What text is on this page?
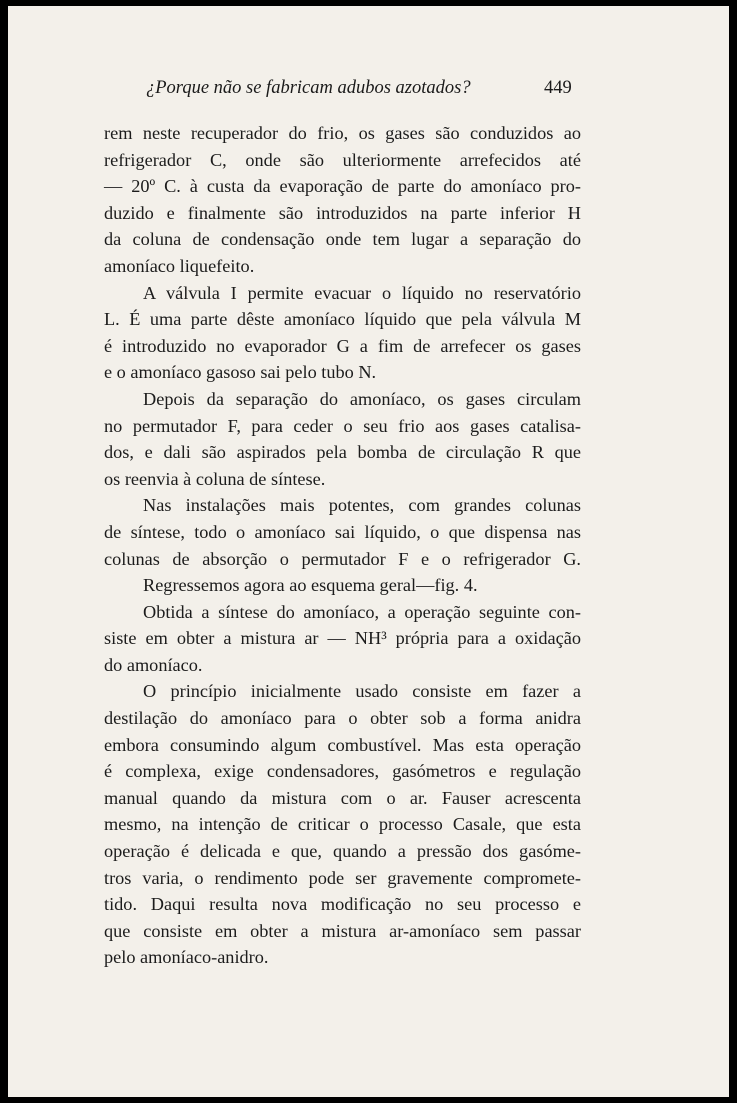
¿Porque não se fabricam adubos azotados?	449
rem neste recuperador do frio, os gases são conduzidos ao
refrigerador C, onde são ulteriormente arrefecidos até
— 20º C. à custa da evaporação de parte do amoníaco pro-
duzido e finalmente são introduzidos na parte inferior H
da coluna de condensação onde tem lugar a separação do
amoníaco liquefeito.
A válvula I permite evacuar o líquido no reservatório
L. É uma parte dêste amoníaco líquido que pela válvula M
é introduzido no evaporador G a fim de arrefecer os gases
e o amoníaco gasoso sai pelo tubo N.
Depois da separação do amoníaco, os gases circulam
no permutador F, para ceder o seu frio aos gases catalisa-
dos, e dali são aspirados pela bomba de circulação R que
os reenvia à coluna de síntese.
Nas instalações mais potentes, com grandes colunas
de síntese, todo o amoníaco sai líquido, o que dispensa nas
colunas de absorção o permutador F e o refrigerador G.
Regressemos agora ao esquema geral—fig. 4.
Obtida a síntese do amoníaco, a operação seguinte con-
siste em obter a mistura ar — NH³ própria para a oxidação
do amoníaco.
O princípio inicialmente usado consiste em fazer a
destilação do amoníaco para o obter sob a forma anidra
embora consumindo algum combustível. Mas esta operação
é complexa, exige condensadores, gasómetros e regulação
manual quando da mistura com o ar. Fauser acrescenta
mesmo, na intenção de criticar o processo Casale, que esta
operação é delicada e que, quando a pressão dos gasóme-
tros varia, o rendimento pode ser gravemente compromete-
tido. Daqui resulta nova modificação no seu processo e
que consiste em obter a mistura ar-amoníaco sem passar
pelo amoníaco-anidro.
